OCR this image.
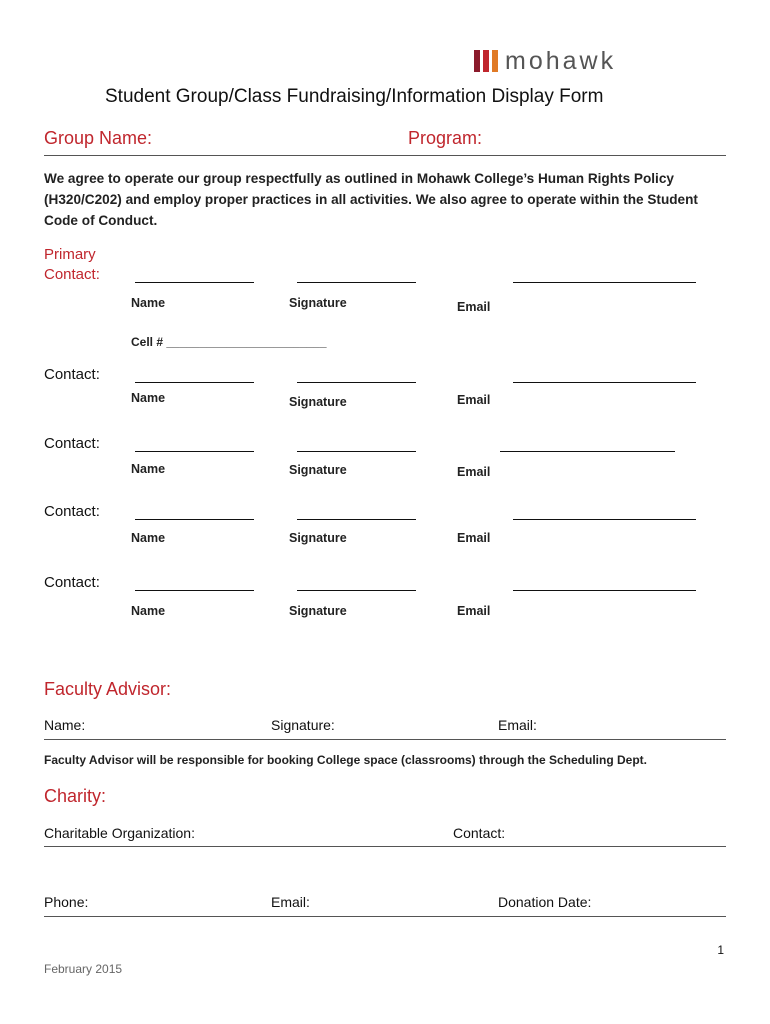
mohawk
Student Group/Class Fundraising/Information Display Form
Group Name:	Program:
We agree to operate our group respectfully as outlined in Mohawk College’s Human Rights Policy (H320/C202) and employ proper practices in all activities. We also agree to operate within the Student Code of Conduct.
Primary
Contact:
Name	Signature	Email
Cell # ________________________
Contact:
Name	Signature	Email
Contact:
Name	Signature	Email
Contact:
Name	Signature	Email
Contact:
Name	Signature	Email
Faculty Advisor:
Name:	Signature:	Email:
Faculty Advisor will be responsible for booking College space (classrooms) through the Scheduling Dept.
Charity:
Charitable Organization:	Contact:
Phone:	Email:	Donation Date:
1
February 2015
